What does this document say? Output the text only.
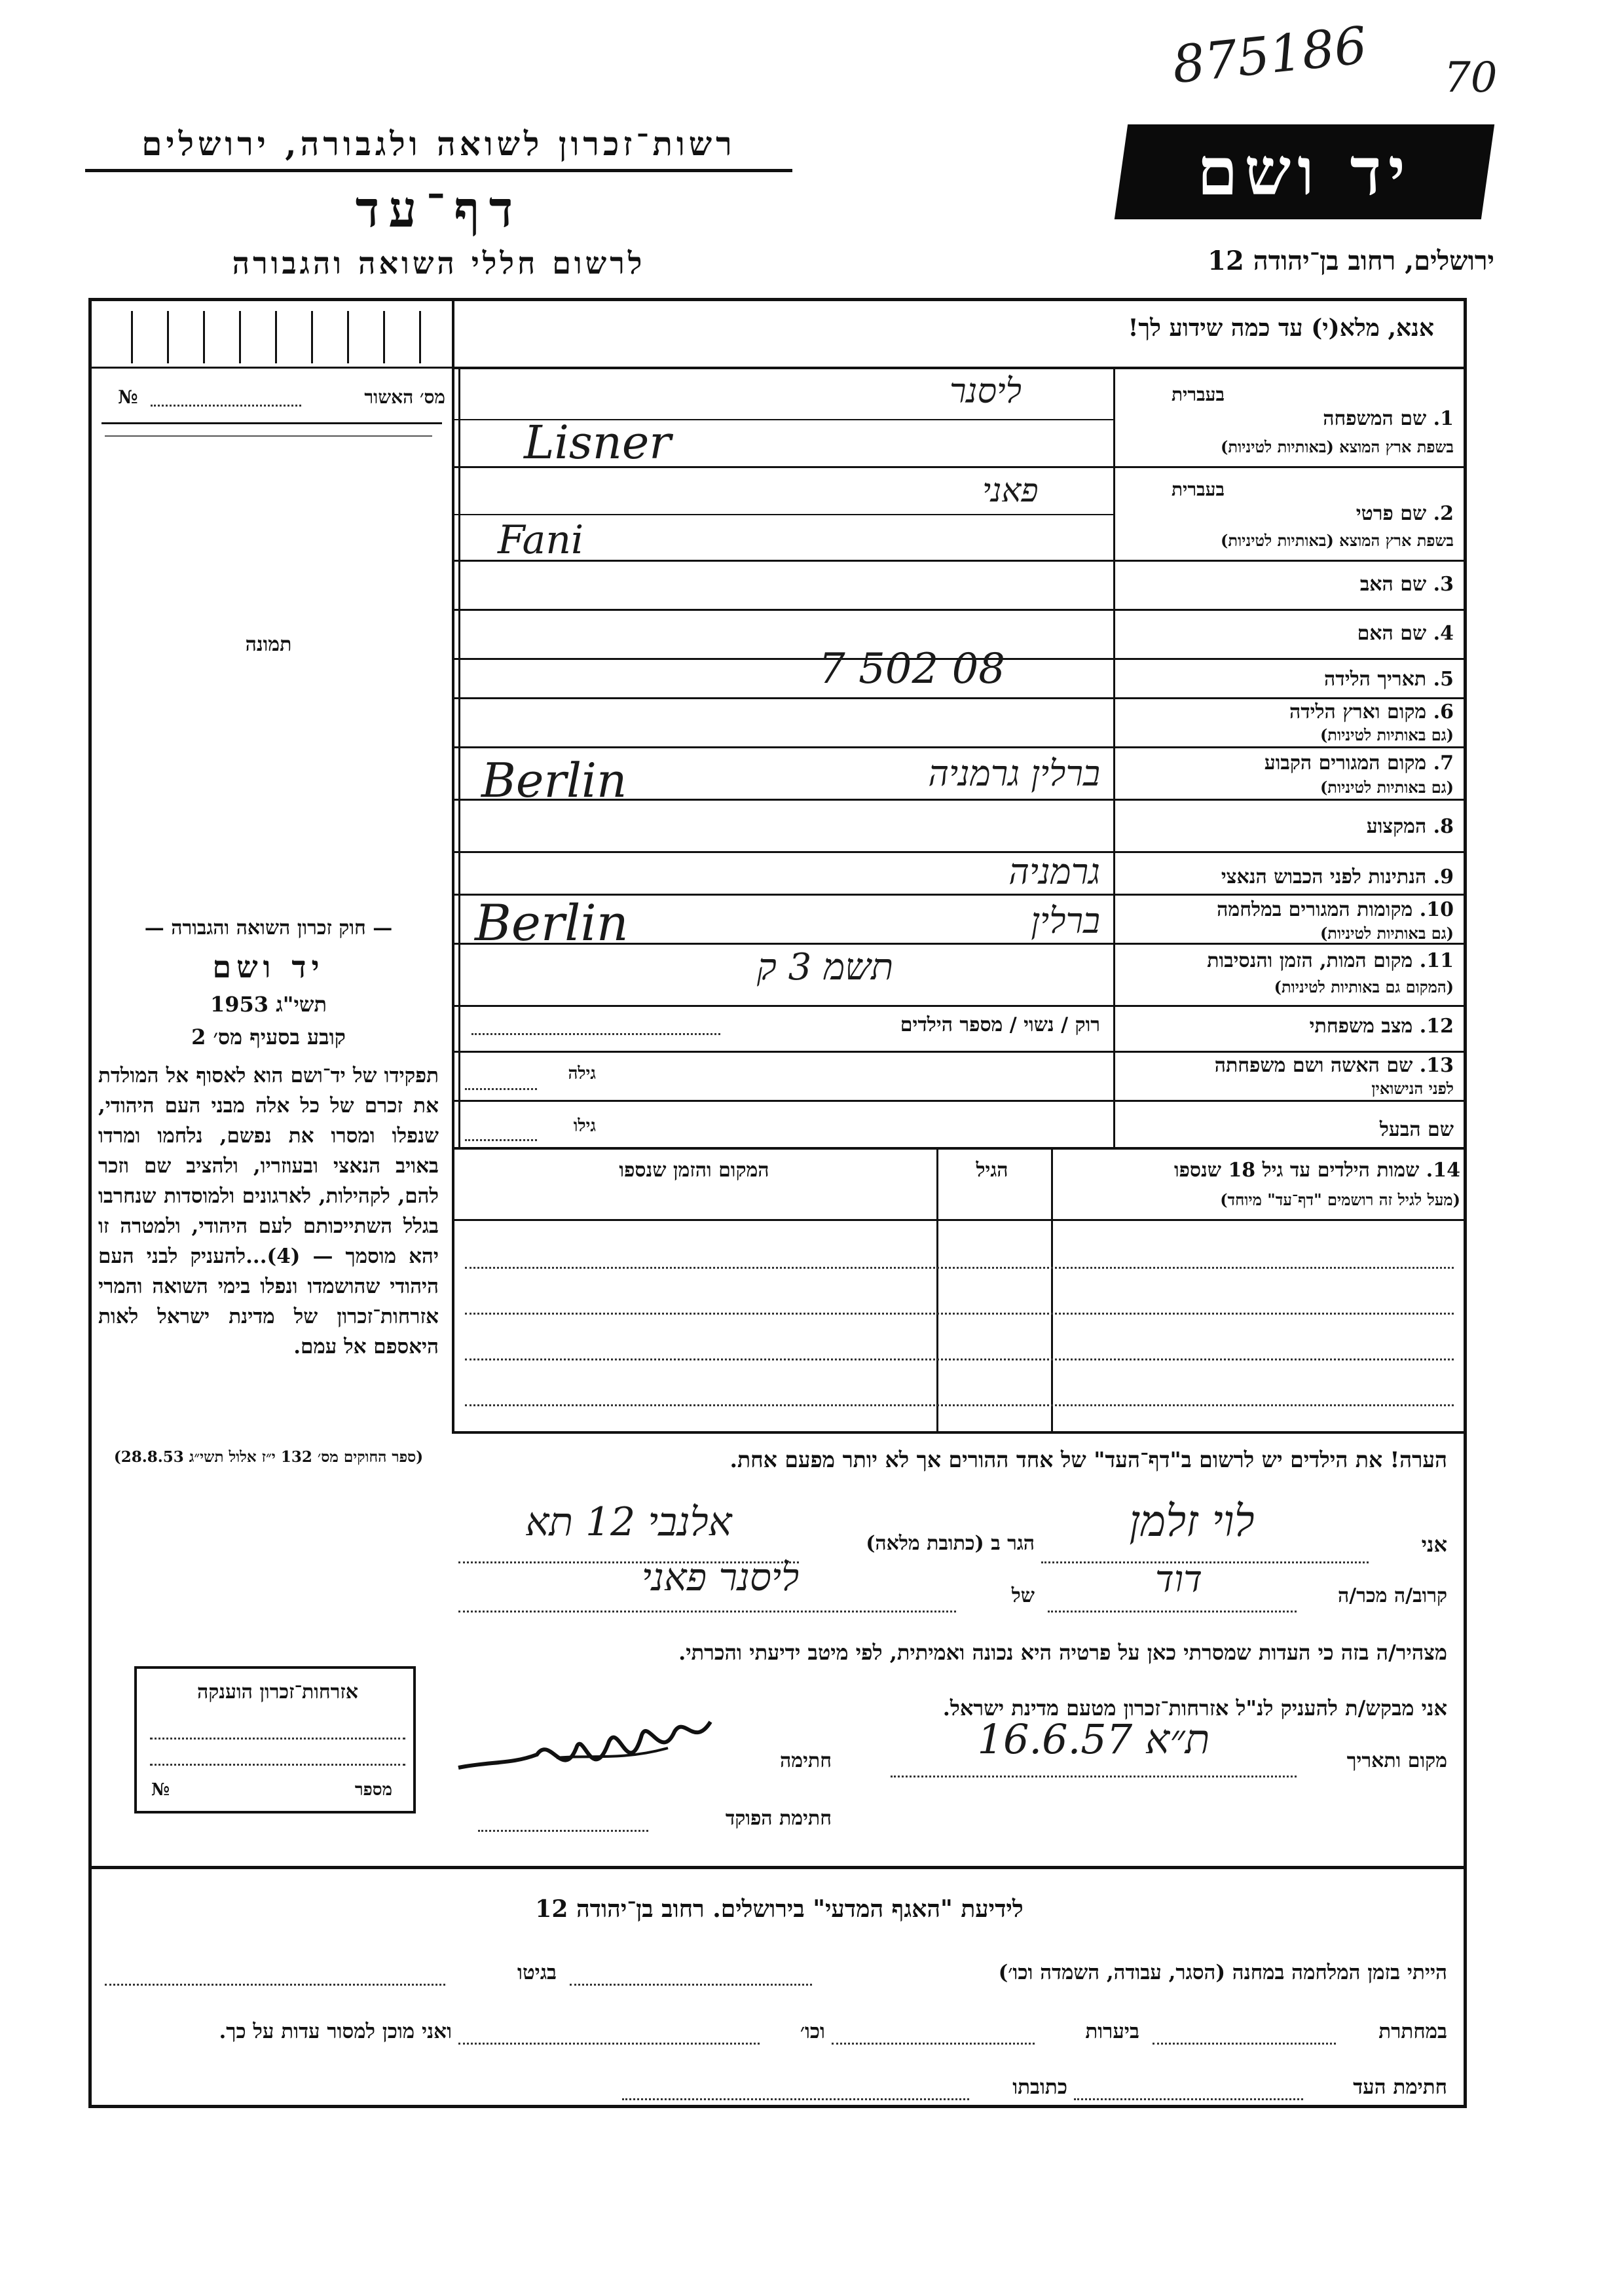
875186 70
רשות־זכרון לשואה ולגבורה, ירושלים
דף־עד
לרשום חללי השואה והגבורה
יד ושם
ירושלים, רחוב בן־יהודה 12
מס׳ האשור
№
תמונה
אנא, מלא(י) עד כמה שידוע לך!
בעברית
1. שם המשפחה
בשפת ארץ המוצא (באותיות לטיניות)
ליסנר
Lisner
בעברית
2. שם פרטי
בשפת ארץ המוצא (באותיות לטיניות)
פאני
Fani
3. שם האב
4. שם האם
5. תאריך הלידה
7 502 08
6. מקום וארץ הלידה
(גם באותיות לטיניות)
7. מקום המגורים הקבוע
(גם באותיות לטיניות)
ברלין גרמניה
Berlin
8. המקצוע
9. הנתינות לפני הכבוש הנאצי
גרמניה
10. מקומות המגורים במלחמה
(גם באותיות לטיניות)
ברלין
Berlin
11. מקום המות, הזמן והנסיבות
(המקום גם באותיות לטיניות)
תשמ 3 ק
12. מצב משפחתי
רוק / נשוי / מספר הילדים
13. שם האשה ושם משפחתה
לפני הנישואין
גילה
שם הבעל
גילו
14. שמות הילדים עד גיל 18 שנספו
(מעל לגיל זה רושמים "דף־עד" מיוחד)
הגיל
המקום והזמן שנספו
הערה! את הילדים יש לרשום ב"דף־העד" של אחד ההורים אך לא יותר מפעם אחת.
— חוק זכרון השואה והגבורה —
יד ושם
תשי"ג 1953
קובע בסעיף מס׳ 2
תפקידו של יד־ושם הוא לאסוף אל המולדת את זכרם של כל אלה מבני העם היהודי, שנפלו ומסרו את נפשם, נלחמו ומרדו באויב הנאצי ובעוזריו, ולהציב שם וזכר להם, לקהילות, לארגונים ולמוסדות שנחרבו בגלל השתייכותם לעם היהודי, ולמטרה זו יהא מוסמך — (4)...להעניק לבני העם היהודי שהושמדו ונפלו בימי השואה והמרי אזרחות־זכרון של מדינת ישראל לאות היאספם אל עמם.
(ספר החוקים מס׳ 132 י״ז אלול תשי״ג 28.8.53)
אזרחות־זכרון הוענקה
מספר
№
אני
לוי זלמן
הגר ב (כתובת מלאה)
אלנבי 12 תא
קרוב/ה מכר/ה
דוד
של
ליסנר פאני
מצהיר/ה בזה כי העדות שמסרתי כאן על פרטיה היא נכונה ואמיתית, לפי מיטב ידיעתי והכרתי.
אני מבקש/ת להעניק לנ"ל אזרחות־זכרון מטעם מדינת ישראל.
מקום ותאריך
ת״א 16.6.57
חתימה
חתימת הפוקד
לידיעת "האגף המדעי" בירושלים. רחוב בן־יהודה 12
הייתי בזמן המלחמה במחנה (הסגר, עבודה, השמדה וכו׳)
בגיטו
במחתרת
ביערות
וכו׳
ואני מוכן למסור עדות על כך.
חתימת העד
כתובתו
